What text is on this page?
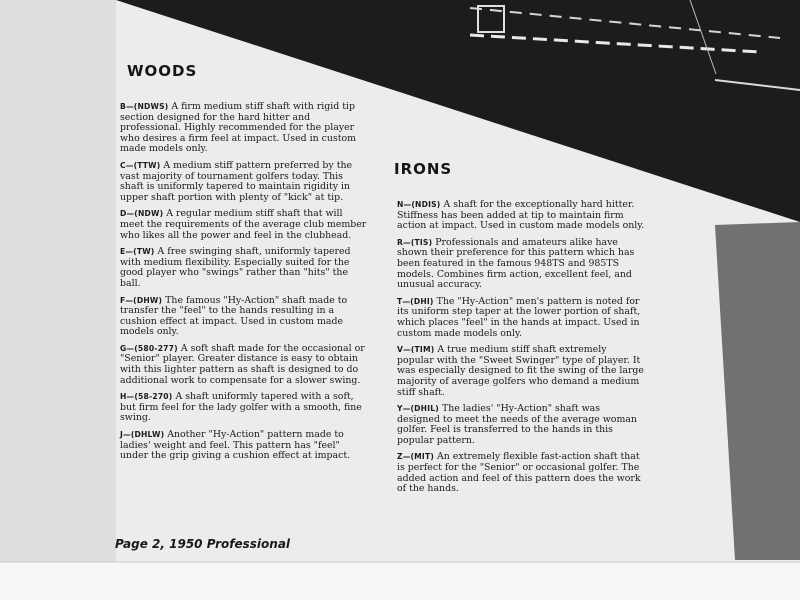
WOODS

B—(NDWS) A firm medium stiff shaft with rigid tip section designed for the hard hitter and professional. Highly recommended for the player who desires a firm feel at impact. Used in custom made models only.

C—(TTW) A medium stiff pattern preferred by the vast majority of tournament golfers today. This shaft is uniformly tapered to maintain rigidity in upper shaft portion with plenty of "kick" at tip.

D—(NDW) A regular medium stiff shaft that will meet the requirements of the average club member who likes all the power and feel in the clubhead.

E—(TW) A free swinging shaft, uniformly tapered with medium flexibility. Especially suited for the good player who "swings" rather than "hits" the ball.

F—(DHW) The famous "Hy-Action" shaft made to transfer the "feel" to the hands resulting in a cushion effect at impact. Used in custom made models only.

G—(580-277) A soft shaft made for the occasional or "Senior" player. Greater distance is easy to obtain with this lighter pattern as shaft is designed to do additional work to compensate for a slower swing.

H—(58-270) A shaft uniformly tapered with a soft, but firm feel for the lady golfer with a smooth, fine swing.

J—(DHLW) Another "Hy-Action" pattern made to ladies' weight and feel. This pattern has "feel" under the grip giving a cushion effect at impact.

IRONS

N—(NDIS) A shaft for the exceptionally hard hitter. Stiffness has been added at tip to maintain firm action at impact. Used in custom made models only.

R—(TIS) Professionals and amateurs alike have shown their preference for this pattern which has been featured in the famous 948TS and 985TS models. Combines firm action, excellent feel, and unusual accuracy.

T—(DHI) The "Hy-Action" men's pattern is noted for its uniform step taper at the lower portion of shaft, which places "feel" in the hands at impact. Used in custom made models only.

V—(TIM) A true medium stiff shaft extremely popular with the "Sweet Swinger" type of player. It was especially designed to fit the swing of the large majority of average golfers who demand a medium stiff shaft.

Y—(DHIL) The ladies' "Hy-Action" shaft was designed to meet the needs of the average woman golfer. Feel is transferred to the hands in this popular pattern.

Z—(MIT) An extremely flexible fast-action shaft that is perfect for the "Senior" or occasional golfer. The added action and feel of this pattern does the work of the hands.

Page 2, 1950 Professional
